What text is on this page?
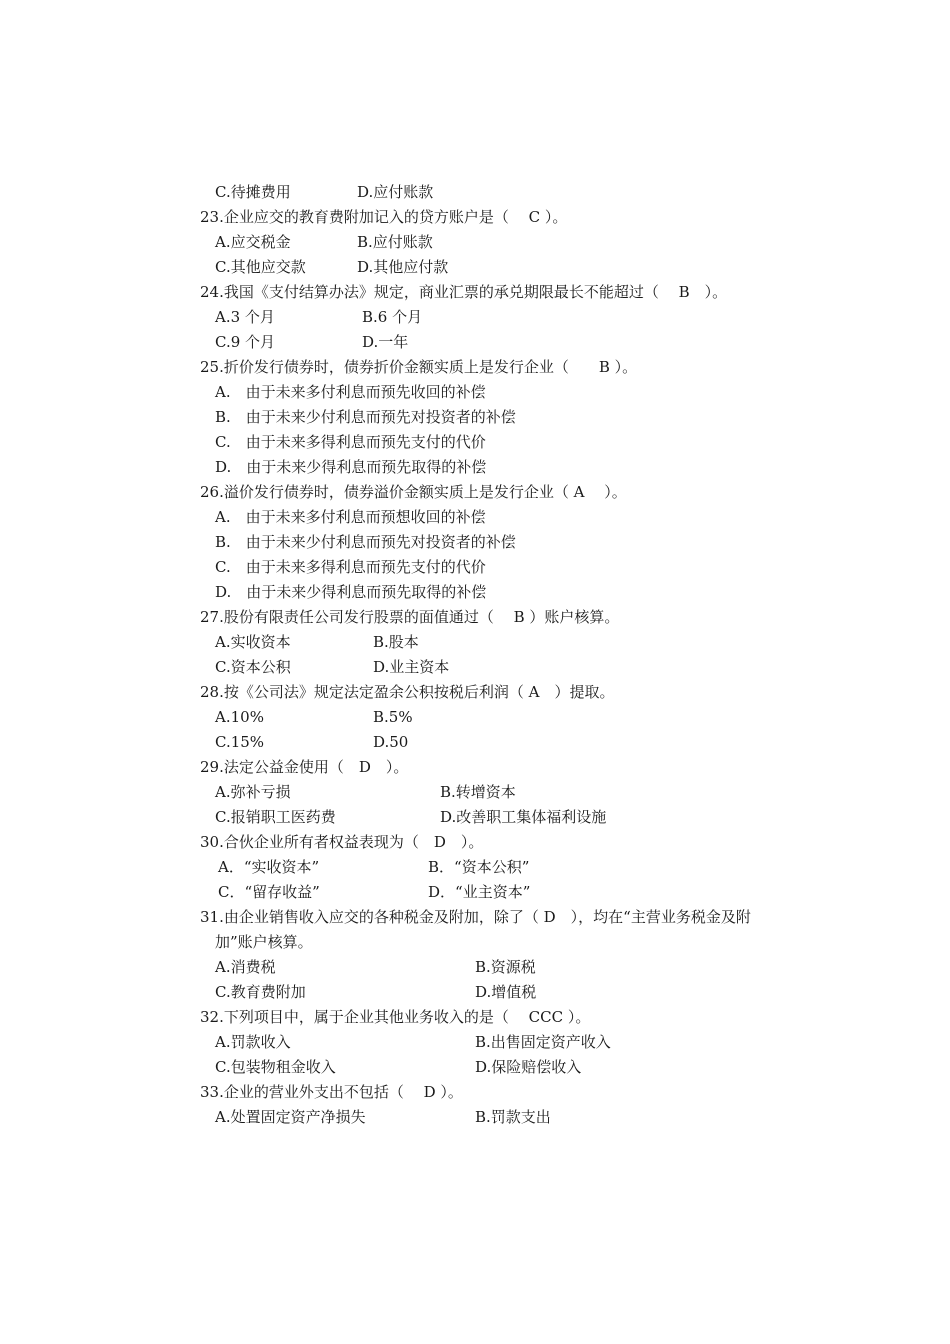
C.待摊费用	D.应付账款
23.企业应交的教育费附加记入的贷方账户是（　 C ）。
A.应交税金	B.应付账款
C.其他应交款	D.其他应付款
24.我国《支付结算办法》规定，商业汇票的承兑期限最长不能超过（　 B　）。
A.3 个月	B.6 个月
C.9 个月	D.一年
25.折价发行债券时，债券折价金额实质上是发行企业（　　B ）。
A.　由于未来多付利息而预先收回的补偿
B.　由于未来少付利息而预先对投资者的补偿
C.　由于未来多得利息而预先支付的代价
D.　由于未来少得利息而预先取得的补偿
26.溢价发行债券时，债券溢价金额实质上是发行企业（ A　 ）。
A.　由于未来多付利息而预想收回的补偿
B.　由于未来少付利息而预先对投资者的补偿
C.　由于未来多得利息而预先支付的代价
D.　由于未来少得利息而预先取得的补偿
27.股份有限责任公司发行股票的面值通过（　 B ）账户核算。
A.实收资本	B.股本
C.资本公积	D.业主资本
28.按《公司法》规定法定盈余公积按税后利润（ A　）提取。
A.10%	B.5%
C.15%	D.50
29.法定公益金使用（　D　）。
A.弥补亏损	B.转增资本
C.报销职工医药费	D.改善职工集体福利设施
30.合伙企业所有者权益表现为（　D　）。
A．“实收资本”	B．“资本公积”
C．“留存收益”	D．“业主资本”
31.由企业销售收入应交的各种税金及附加，除了（ D　），均在“主营业务税金及附
加”账户核算。
A.消费税	B.资源税
C.教育费附加	D.增值税
32.下列项目中，属于企业其他业务收入的是（　 CCC ）。
A.罚款收入	B.出售固定资产收入
C.包装物租金收入	D.保险赔偿收入
33.企业的营业外支出不包括（　 D ）。
A.处置固定资产净损失	B.罚款支出
